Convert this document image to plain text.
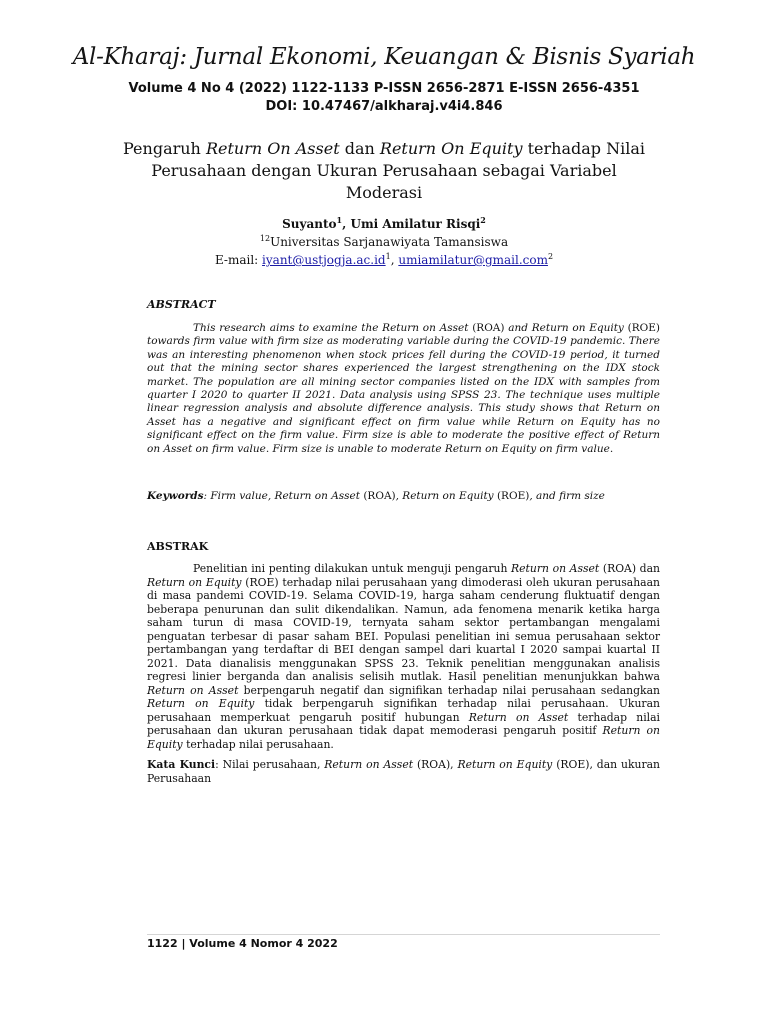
Al-Kharaj: Jurnal Ekonomi, Keuangan & Bisnis Syariah
Volume 4 No 4 (2022) 1122-1133 P-ISSN 2656-2871 E-ISSN 2656-4351
DOI: 10.47467/alkharaj.v4i4.846
Pengaruh Return On Asset dan Return On Equity terhadap Nilai Perusahaan dengan Ukuran Perusahaan sebagai Variabel Moderasi
Suyanto$^1$, Umi Amilatur Risqi$^2$
$^{12}$Universitas Sarjanawiyata Tamansiswa
E-mail: $iyant@ustjogja.ac.id^1$, umiamilatur@gmail.com$^2$
ABSTRACT
This research aims to examine the Return on Asset (ROA) and Return on Equity (ROE) towards firm value with firm size as moderating variable during the COVID-19 pandemic. There was an interesting phenomenon when stock prices fell during the COVID-19 period, it turned out that the mining sector shares experienced the largest strengthening on the IDX stock market. The population are all mining sector companies listed on the IDX with samples from quarter I 2020 to quarter II 2021. Data analysis using SPSS 23. The technique uses multiple linear regression analysis and absolute difference analysis. This study shows that Return on Asset has a negative and significant effect on firm value while Return on Equity has no significant effect on the firm value. Firm size is able to moderate the positive effect of Return on Asset on firm value. Firm size is unable to moderate Return on Equity on firm value.
Keywords: Firm value, Return on Asset (ROA), Return on Equity (ROE), and firm size
ABSTRAK
Penelitian ini penting dilakukan untuk menguji pengaruh Return on Asset (ROA) dan Return on Equity (ROE) terhadap nilai perusahaan yang dimoderasi oleh ukuran perusahaan di masa pandemi COVID-19. Selama COVID-19, harga saham cenderung fluktuatif dengan beberapa penurunan dan sulit dikendalikan. Namun, ada fenomena menarik ketika harga saham turun di masa COVID-19, ternyata saham sektor pertambangan mengalami penguatan terbesar di pasar saham BEI. Populasi penelitian ini semua perusahaan sektor pertambangan yang terdaftar di BEI dengan sampel dari kuartal I 2020 sampai kuartal II 2021. Data dianalisis menggunakan SPSS 23. Teknik penelitian menggunakan analisis regresi linier berganda dan analisis selisih mutlak. Hasil penelitian menunjukkan bahwa Return on Asset berpengaruh negatif dan signifikan terhadap nilai perusahaan sedangkan Return on Equity tidak berpengaruh signifikan terhadap nilai perusahaan. Ukuran perusahaan memperkuat pengaruh positif hubungan Return on Asset terhadap nilai perusahaan dan ukuran perusahaan tidak dapat memoderasi pengaruh positif Return on Equity terhadap nilai perusahaan.
Kata Kunci: Nilai perusahaan, Return on Asset (ROA), Return on Equity (ROE), dan ukuran Perusahaan
1122 | Volume 4 Nomor 4 2022
